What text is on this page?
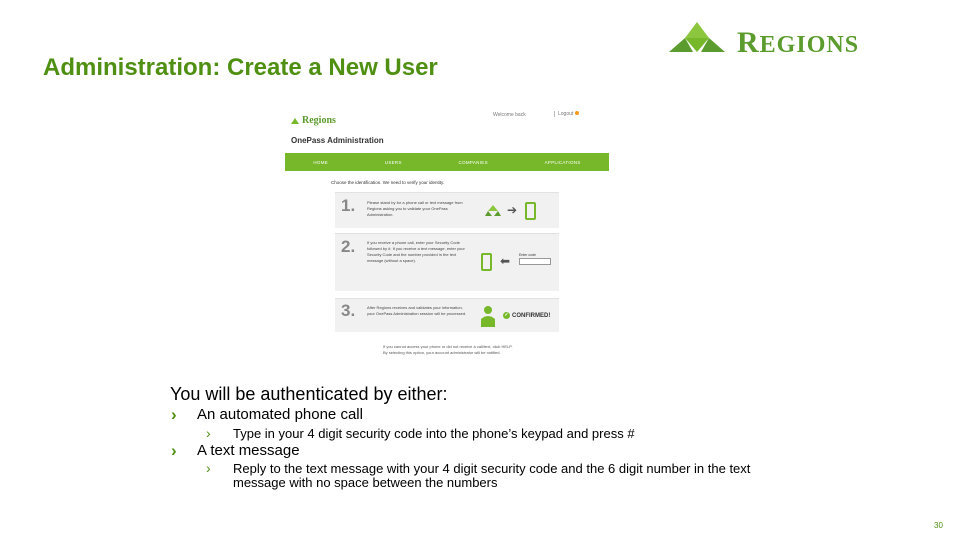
Administration: Create a New User
REGIONS
Regions	Welcome back	Logout
OnePass Administration
HOME	USERS	COMPANIES	APPLICATIONS
Choose the identification. We need to verify your identity.
1.	Please stand by for a phone call or text message from Regions asking you to validate your OnePass Administration.	➔
2.	If you receive a phone call, enter your Security Code followed by #. If you receive a text message, enter your Security Code and the number provided in the text message (without a space).	⬅	Enter code
3.	After Regions receives and validates your information, your OnePass Administration session will be processed.	✓ CONFIRMED!
If you cannot access your phone or did not receive a call/text, click HELP.
By selecting this option, your account administrator will be notified.
You will be authenticated by either:
› An automated phone call
› Type in your 4 digit security code into the phone’s keypad and press #
› A text message
› Reply to the text message with your 4 digit security code and the 6 digit number in the text
message with no space between the numbers
30
